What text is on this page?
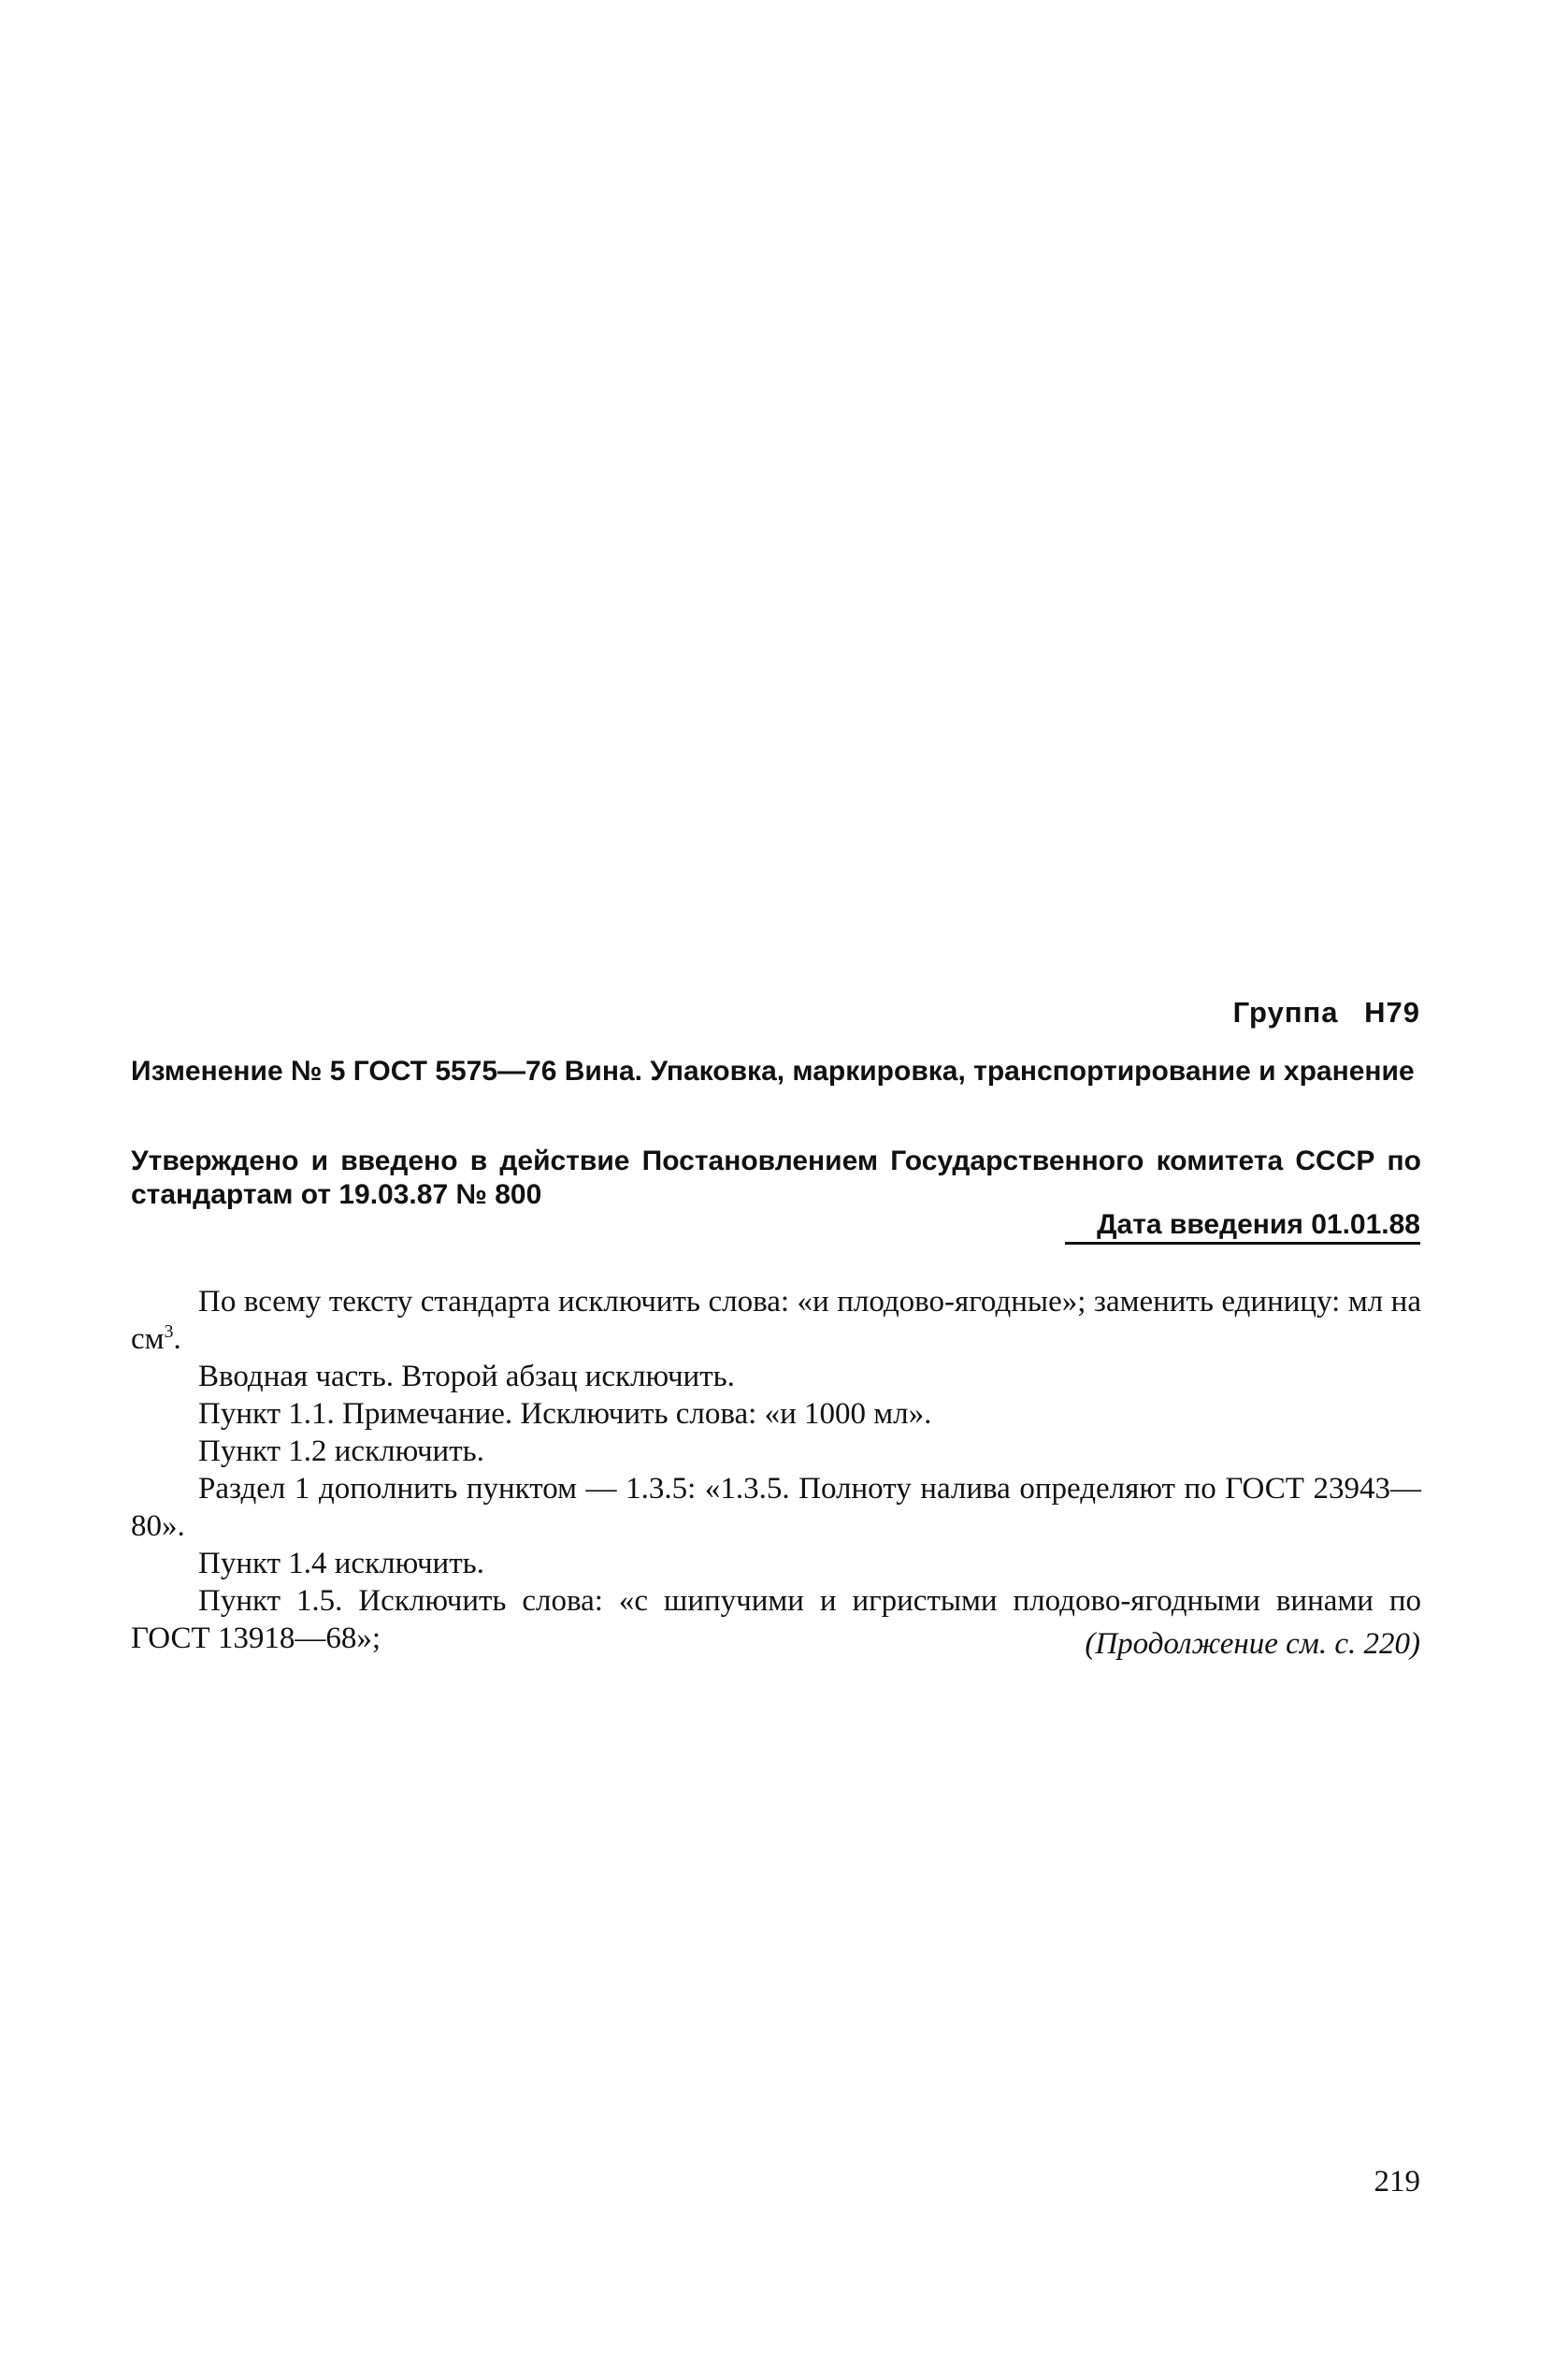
Группа Н79
Изменение № 5 ГОСТ 5575—76 Вина. Упаковка, маркировка, транспортирование и хранение
Утверждено и введено в действие Постановлением Государственного комитета СССР по стандартам от 19.03.87 № 800
Дата введения 01.01.88

По всему тексту стандарта исключить слова: «и плодово-ягодные»; заменить единицу: мл на $см^3$.

Вводная часть. Второй абзац исключить.

Пункт 1.1. Примечание. Исключить слова: «и 1000 мл».

Пункт 1.2 исключить.

Раздел 1 дополнить пунктом — 1.3.5: «1.3.5. Полноту налива определяют по ГОСТ 23943—80».

Пункт 1.4 исключить.

Пункт 1.5. Исключить слова: «с шипучими и игристыми плодово-ягодными винами по ГОСТ 13918—68»;	(Продолжение см. с. 220)
219
